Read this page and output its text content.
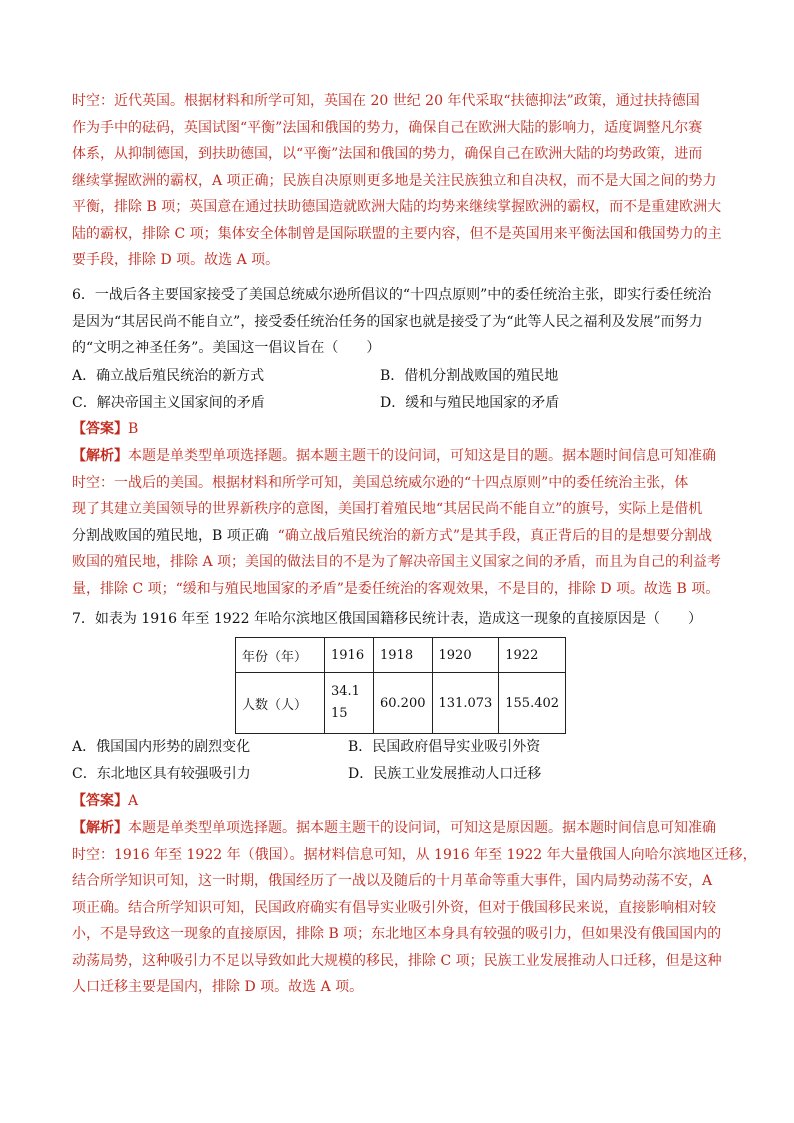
时空：近代英国。根据材料和所学可知，英国在 20 世纪 20 年代采取“扶德抑法”政策，通过扶持德国
作为手中的砝码，英国试图“平衡”法国和俄国的势力，确保自己在欧洲大陆的影响力，适度调整凡尔赛
体系，从抑制德国，到扶助德国，以“平衡”法国和俄国的势力，确保自己在欧洲大陆的均势政策，进而
继续掌握欧洲的霸权，A 项正确；民族自决原则更多地是关注民族独立和自决权，而不是大国之间的势力
平衡，排除 B 项；英国意在通过扶助德国造就欧洲大陆的均势来继续掌握欧洲的霸权，而不是重建欧洲大
陆的霸权，排除 C 项；集体安全体制曾是国际联盟的主要内容，但不是英国用来平衡法国和俄国势力的主
要手段，排除 D 项。故选 A 项。
6．一战后各主要国家接受了美国总统威尔逊所倡议的“十四点原则”中的委任统治主张，即实行委任统治
是因为“其居民尚不能自立”，接受委任统治任务的国家也就是接受了为“此等人民之福利及发展”而努力
的“文明之神圣任务”。美国这一倡议旨在（　　）
A．确立战后殖民统治的新方式	B．借机分割战败国的殖民地
C．解决帝国主义国家间的矛盾	D．缓和与殖民地国家的矛盾
【答案】B
【解析】本题是单类型单项选择题。据本题主题干的设问词，可知这是目的题。据本题时间信息可知准确
时空：一战后的美国。根据材料和所学可知，美国总统威尔逊的“十四点原则”中的委任统治主张，体
现了其建立美国领导的世界新秩序的意图，美国打着殖民地“其居民尚不能自立”的旗号，实际上是借机
分割战败国的殖民地，B 项正确 “确立战后殖民统治的新方式”是其手段，真正背后的目的是想要分割战
败国的殖民地，排除 A 项；美国的做法目的不是为了解决帝国主义国家之间的矛盾，而且为自己的利益考
量，排除 C 项；“缓和与殖民地国家的矛盾”是委任统治的客观效果，不是目的，排除 D 项。故选 B 项。
7．如表为 1916 年至 1922 年哈尔滨地区俄国国籍移民统计表，造成这一现象的直接原因是（　　）
年份（年）	1916	1918	1920	1922
人数（人）	34.115	60.200	131.073	155.402
A．俄国国内形势的剧烈变化	B．民国政府倡导实业吸引外资
C．东北地区具有较强吸引力	D．民族工业发展推动人口迁移
【答案】A
【解析】本题是单类型单项选择题。据本题主题干的设问词，可知这是原因题。据本题时间信息可知准确
时空：1916 年至 1922 年（俄国）。据材料信息可知，从 1916 年至 1922 年大量俄国人向哈尔滨地区迁移，
结合所学知识可知，这一时期，俄国经历了一战以及随后的十月革命等重大事件，国内局势动荡不安，A
项正确。结合所学知识可知，民国政府确实有倡导实业吸引外资，但对于俄国移民来说，直接影响相对较
小，不是导致这一现象的直接原因，排除 B 项；东北地区本身具有较强的吸引力，但如果没有俄国国内的
动荡局势，这种吸引力不足以导致如此大规模的移民，排除 C 项；民族工业发展推动人口迁移，但是这种
人口迁移主要是国内，排除 D 项。故选 A 项。
